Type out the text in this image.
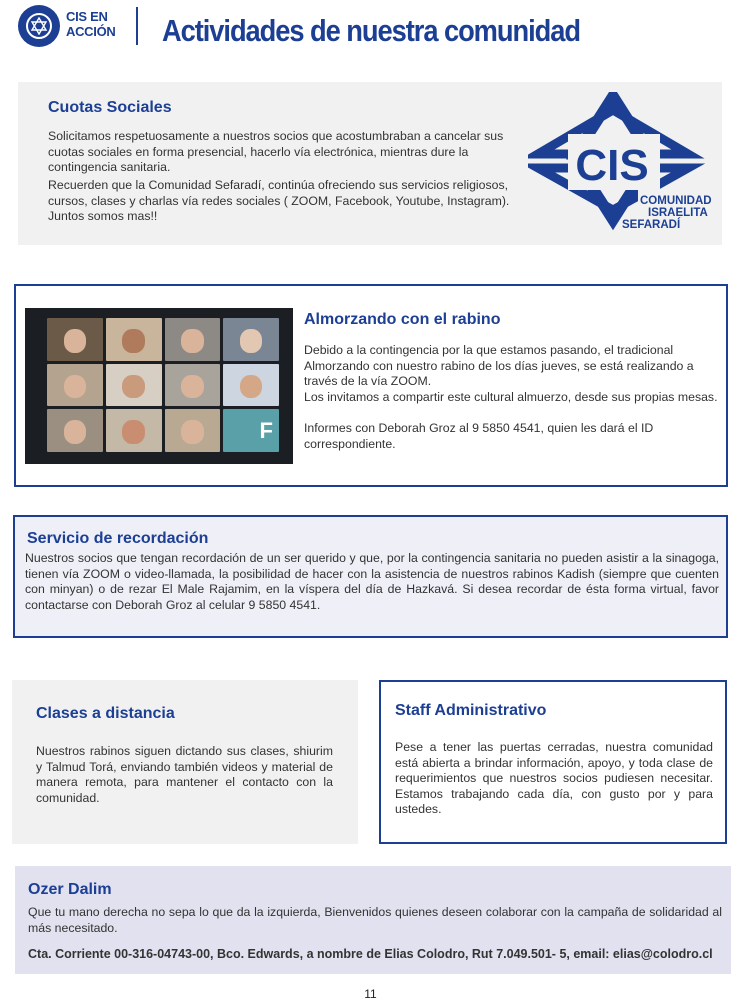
CIS EN
ACCIÓN	Actividades de nuestra comunidad
Cuotas Sociales
Solicitamos respetuosamente a nuestros socios que acostumbraban a cancelar sus cuotas sociales en forma presencial, hacerlo vía electrónica, mientras dure la contingencia sanitaria.
Recuerden que la Comunidad Sefaradí, continúa ofreciendo sus servicios religiosos, cursos, clases y charlas vía redes sociales ( ZOOM, Facebook, Youtube, Instagram). Juntos somos mas!!
CIS
COMUNIDAD
ISRAELITA
SEFARADÍ
F
Almorzando con el rabino
Debido a la contingencia por la que estamos pasando, el tradicional Almorzando con nuestro rabino de los días jueves, se está realizando a través de la vía ZOOM.
Los invitamos a compartir este cultural almuerzo, desde sus propias mesas.
Informes con Deborah Groz al 9 5850 4541, quien les dará el ID correspondiente.
Servicio de recordación
Nuestros socios que tengan recordación de un ser querido y que, por la contingencia sanitaria no pueden asistir a la sinagoga, tienen vía ZOOM o video-llamada, la posibilidad de hacer con la asistencia de nuestros rabinos Kadish (siempre que cuenten con minyan) o de rezar El Male Rajamim, en la víspera del día de Hazkavá. Si desea recordar de ésta forma virtual, favor contactarse con Deborah Groz al celular 9 5850 4541.
Clases a distancia
Nuestros rabinos siguen dictando sus clases, shiurim y Talmud Torá, enviando también videos y material de manera remota, para mantener el contacto con la comunidad.
Staff Administrativo
Pese a tener las puertas cerradas, nuestra comunidad está abierta a brindar información, apoyo, y toda clase de requerimientos que nuestros socios pudiesen necesitar. Estamos trabajando cada día, con gusto por y para ustedes.
Ozer Dalim
Que tu mano derecha no sepa lo que da la izquierda, Bienvenidos quienes deseen colaborar con la campaña de solidaridad al más necesitado.
Cta. Corriente 00-316-04743-00, Bco. Edwards, a nombre de Elias Colodro, Rut 7.049.501- 5, email: elias@colodro.cl
11
